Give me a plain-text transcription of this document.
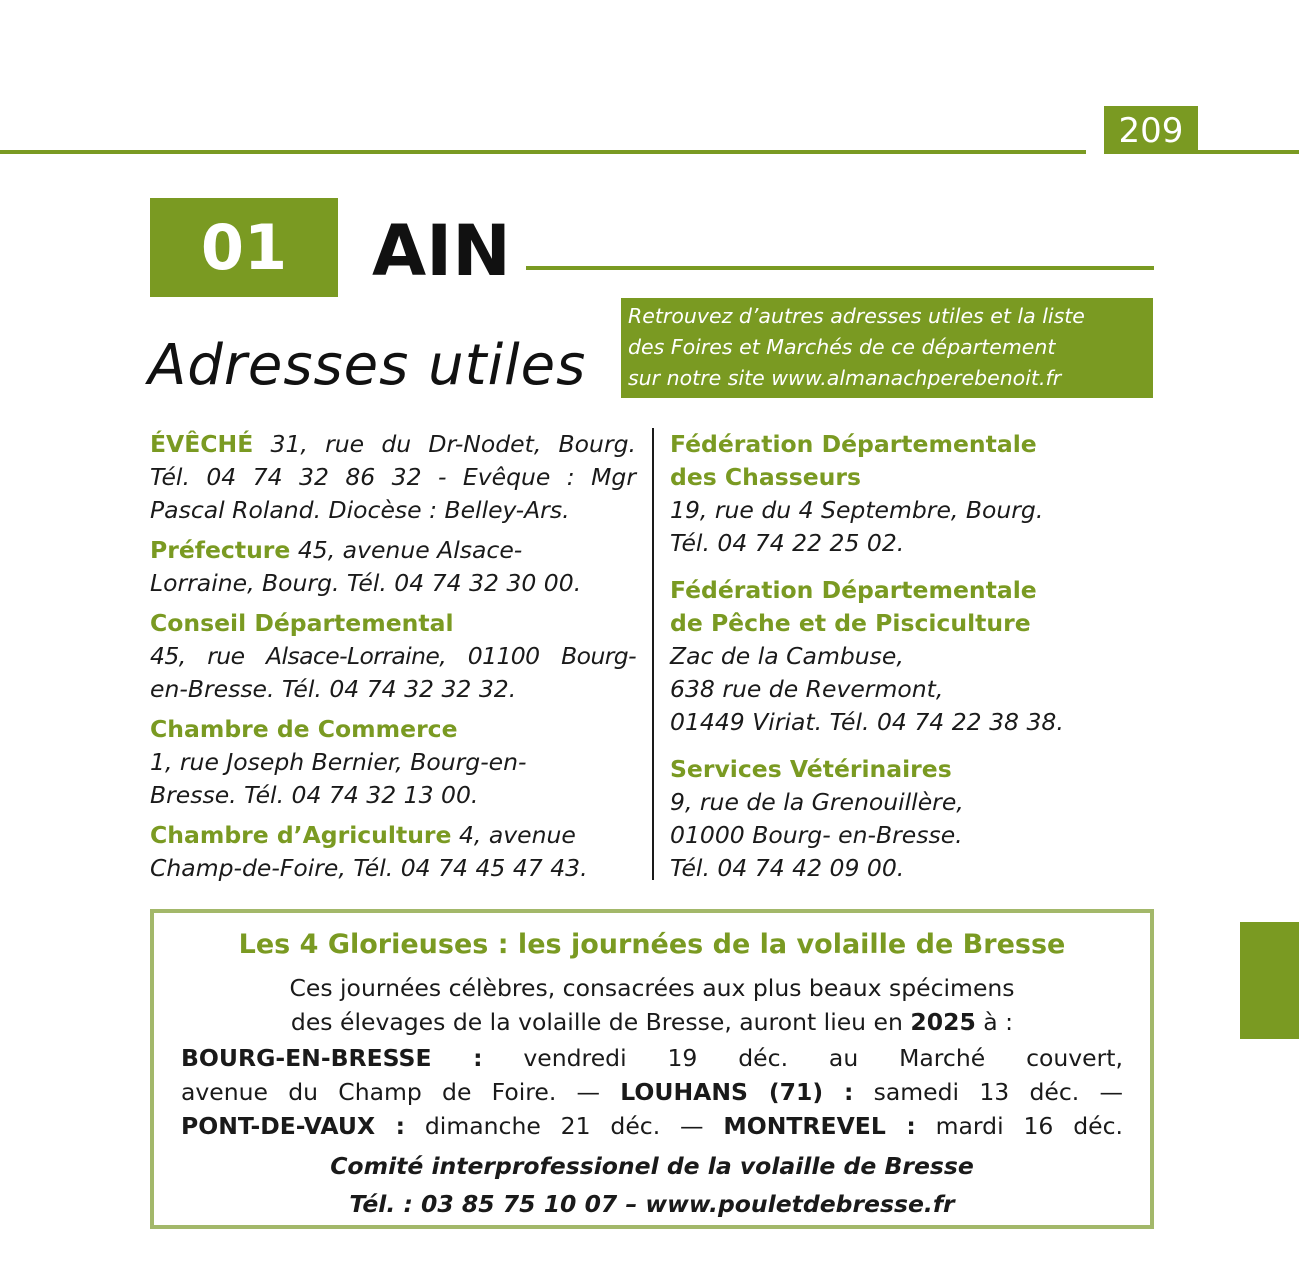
209
01	AIN
Adresses utiles
Retrouvez d’autres adresses utiles et la liste
des Foires et Marchés de ce département
sur notre site www.almanachperebenoit.fr

ÉVÊCHÉ 31, rue du Dr-Nodet, Bourg.
Tél. 04 74 32 86 32 - Evêque : Mgr
Pascal Roland. Diocèse : Belley-Ars.

Préfecture 45, avenue Alsace-
Lorraine, Bourg. Tél. 04 74 32 30 00.

Conseil Départemental
45, rue Alsace-Lorraine, 01100 Bourg-
en-Bresse. Tél. 04 74 32 32 32.

Chambre de Commerce
1, rue Joseph Bernier, Bourg-en-
Bresse. Tél. 04 74 32 13 00.

Chambre d’Agriculture 4, avenue
Champ-de-Foire, Tél. 04 74 45 47 43.

Fédération Départementale
des Chasseurs
19, rue du 4 Septembre, Bourg.
Tél. 04 74 22 25 02.

Fédération Départementale
de Pêche et de Pisciculture
Zac de la Cambuse,
638 rue de Revermont,
01449 Viriat. Tél. 04 74 22 38 38.

Services Vétérinaires
9, rue de la Grenouillère,
01000 Bourg- en-Bresse.
Tél. 04 74 42 09 00.

Les 4 Glorieuses : les journées de la volaille de Bresse
Ces journées célèbres, consacrées aux plus beaux spécimens
des élevages de la volaille de Bresse, auront lieu en 2025 à :
BOURG-EN-BRESSE : vendredi 19 déc. au Marché couvert,
avenue du Champ de Foire. — LOUHANS (71) : samedi 13 déc. —
PONT-DE-VAUX : dimanche 21 déc. — MONTREVEL : mardi 16 déc.
Comité interprofessionel de la volaille de Bresse
Tél. : 03 85 75 10 07 – www.pouletdebresse.fr
